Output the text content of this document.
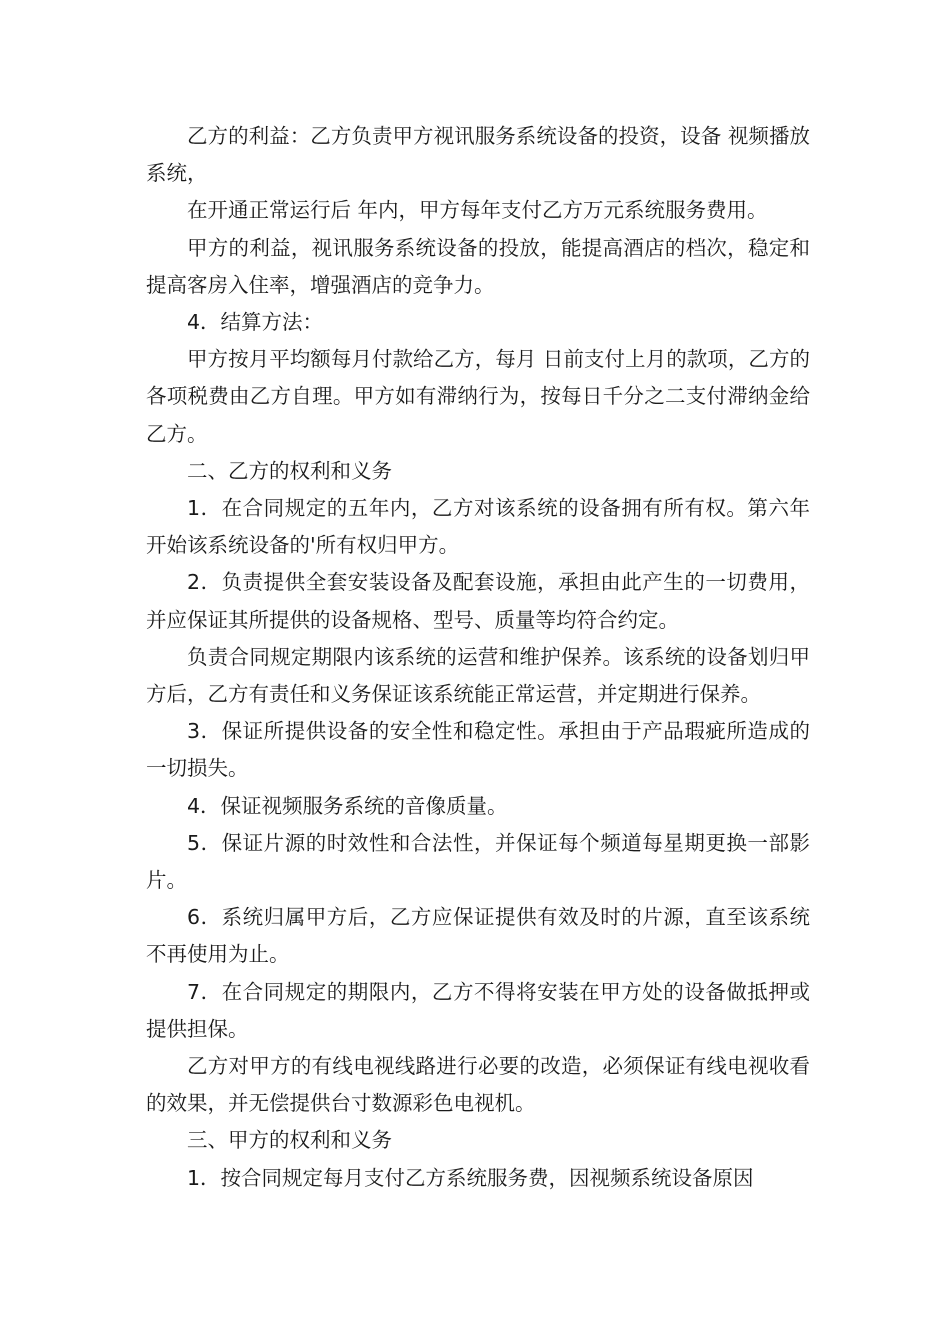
乙方的利益：乙方负责甲方视讯服务系统设备的投资，设备 视频播放系统，

在开通正常运行后 年内，甲方每年支付乙方万元系统服务费用。

甲方的利益，视讯服务系统设备的投放，能提高酒店的档次，稳定和提高客房入住率，增强酒店的竞争力。

4．结算方法：

甲方按月平均额每月付款给乙方，每月 日前支付上月的款项，乙方的各项税费由乙方自理。甲方如有滞纳行为，按每日千分之二支付滞纳金给乙方。

二、乙方的权利和义务

1．在合同规定的五年内，乙方对该系统的设备拥有所有权。第六年开始该系统设备的'所有权归甲方。

2．负责提供全套安装设备及配套设施，承担由此产生的一切费用，并应保证其所提供的设备规格、型号、质量等均符合约定。

负责合同规定期限内该系统的运营和维护保养。该系统的设备划归甲方后，乙方有责任和义务保证该系统能正常运营，并定期进行保养。

3．保证所提供设备的安全性和稳定性。承担由于产品瑕疵所造成的一切损失。

4．保证视频服务系统的音像质量。

5．保证片源的时效性和合法性，并保证每个频道每星期更换一部影片。

6．系统归属甲方后，乙方应保证提供有效及时的片源，直至该系统不再使用为止。

7．在合同规定的期限内，乙方不得将安装在甲方处的设备做抵押或提供担保。

乙方对甲方的有线电视线路进行必要的改造，必须保证有线电视收看的效果，并无偿提供台寸数源彩色电视机。

三、甲方的权利和义务

1．按合同规定每月支付乙方系统服务费，因视频系统设备原因
